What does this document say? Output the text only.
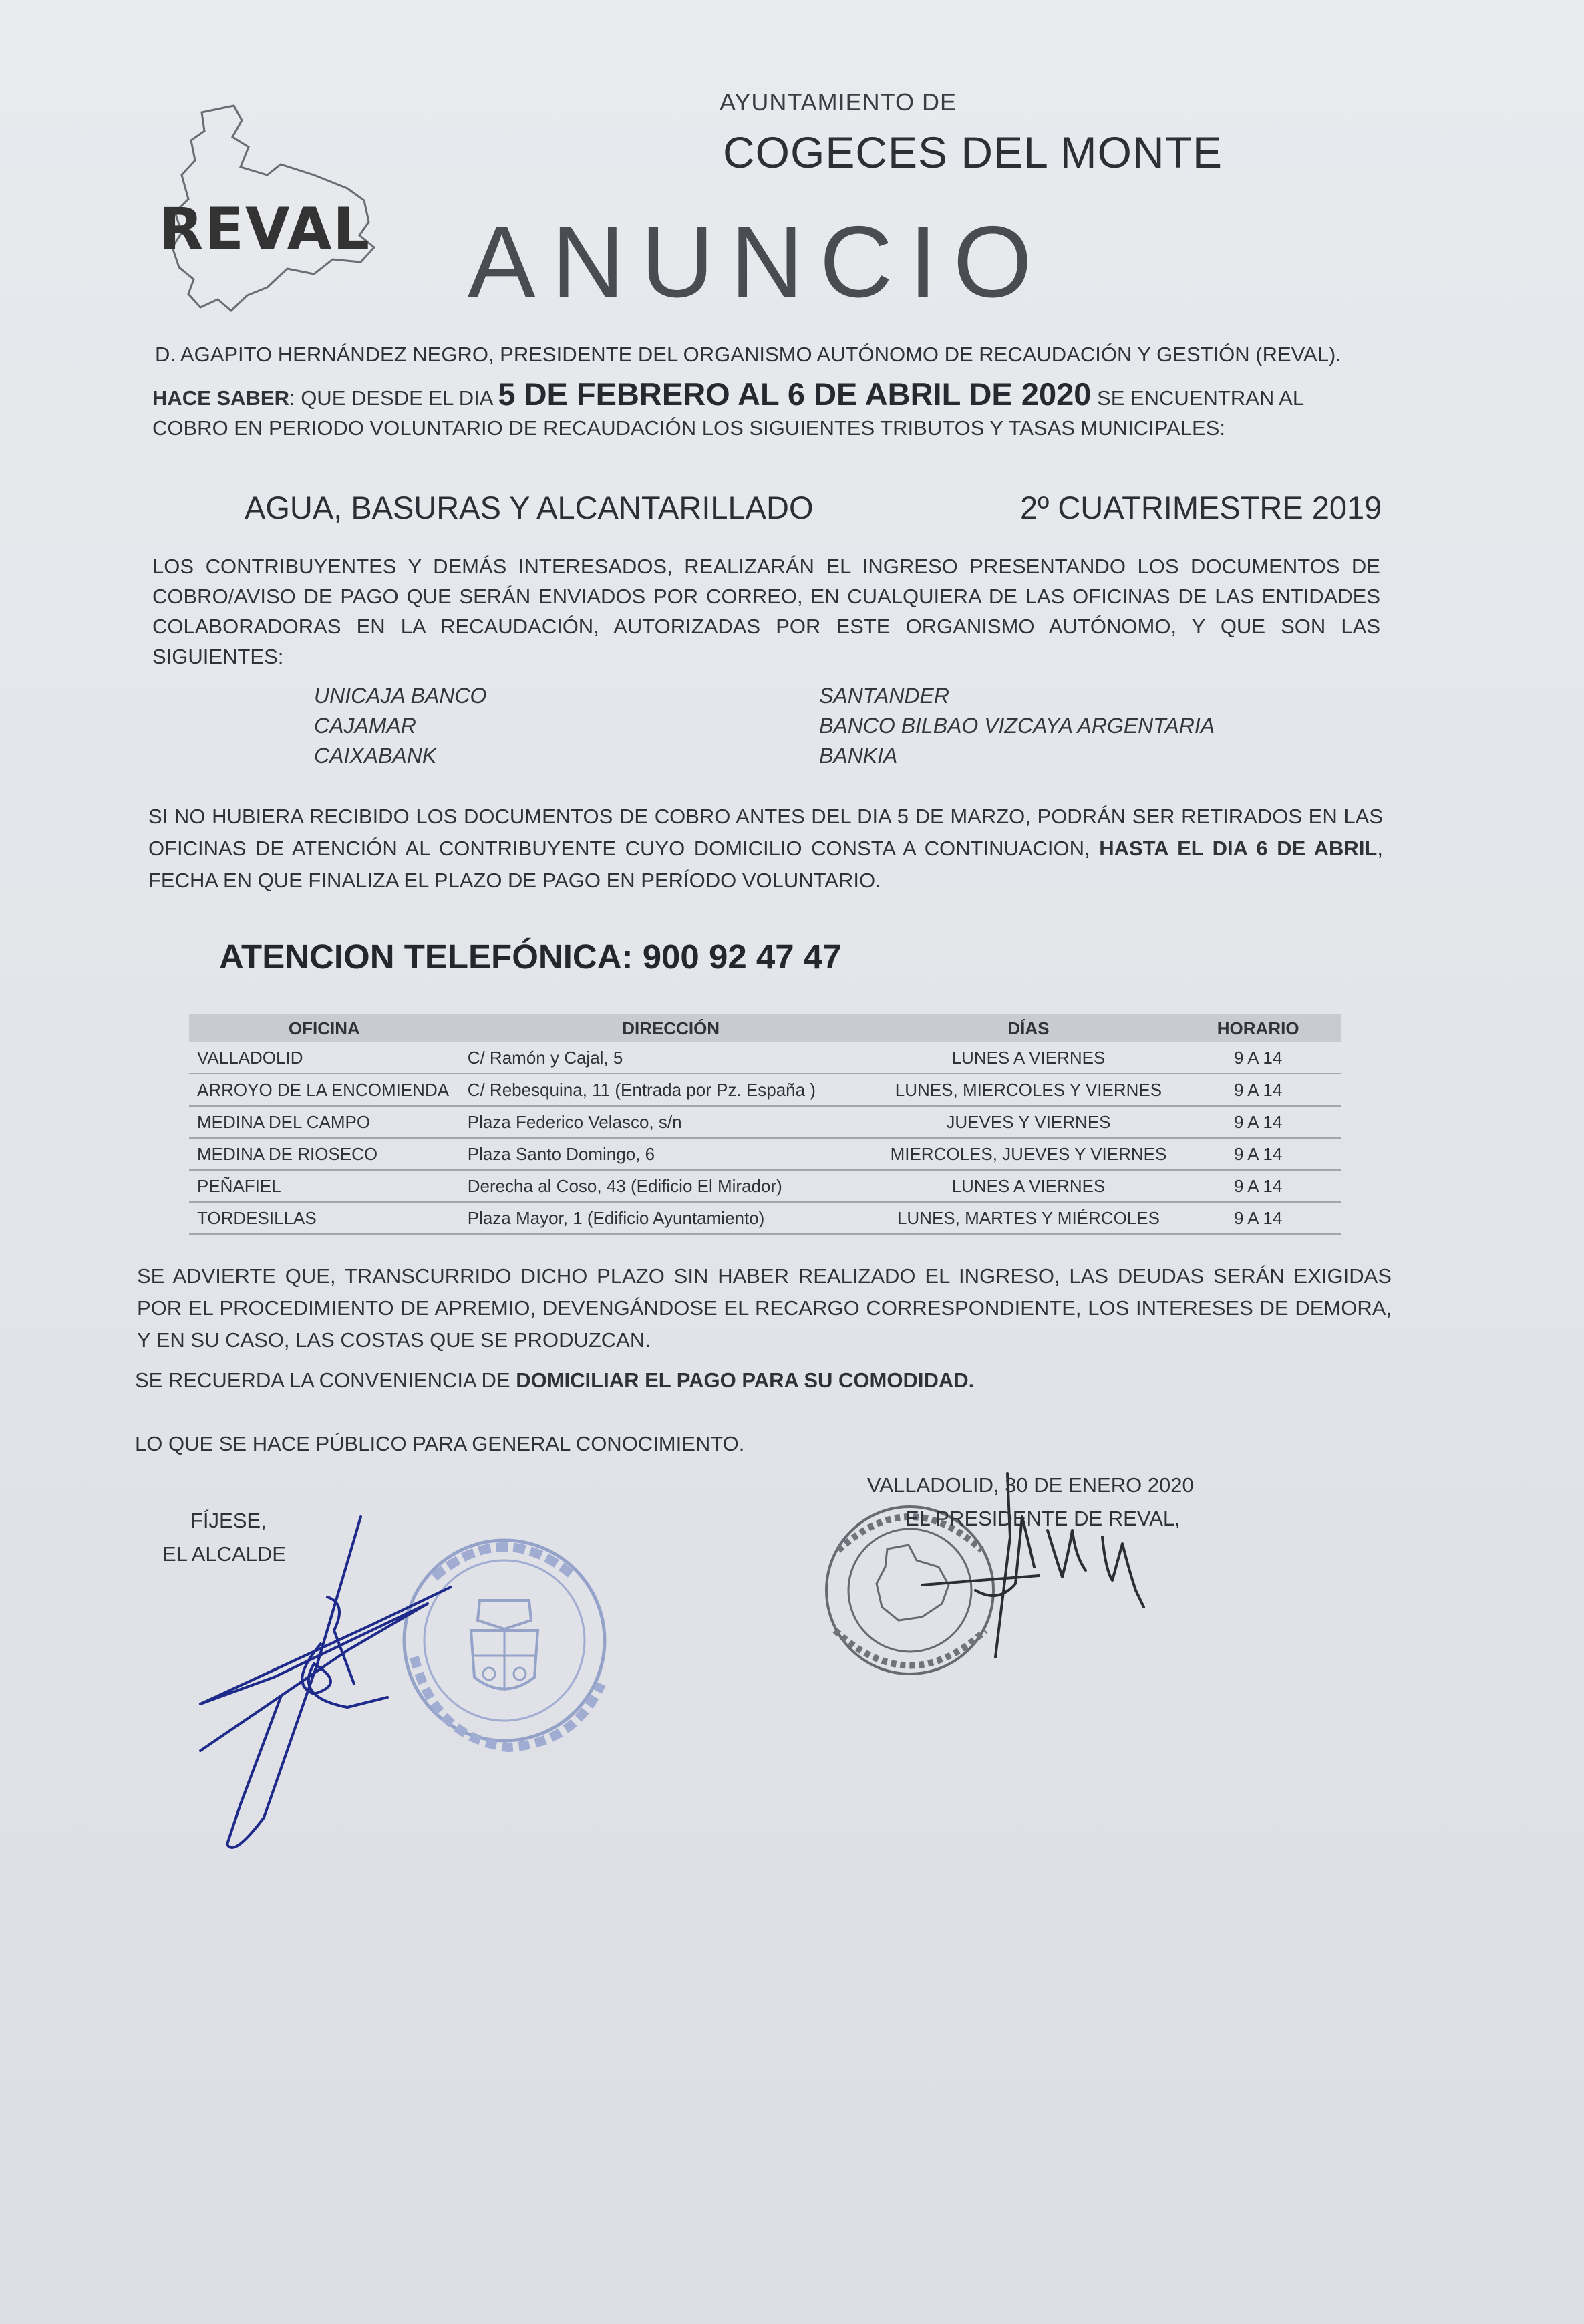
REVAL
AYUNTAMIENTO DE
COGECES DEL MONTE
ANUNCIO
D. AGAPITO HERNÁNDEZ NEGRO, PRESIDENTE DEL ORGANISMO AUTÓNOMO DE RECAUDACIÓN Y GESTIÓN (REVAL).
HACE SABER: QUE DESDE EL DIA 5 DE FEBRERO AL 6 DE ABRIL DE 2020 SE ENCUENTRAN AL
COBRO EN PERIODO VOLUNTARIO DE RECAUDACIÓN LOS SIGUIENTES TRIBUTOS Y TASAS MUNICIPALES:
AGUA, BASURAS Y ALCANTARILLADO	2º CUATRIMESTRE 2019
LOS CONTRIBUYENTES Y DEMÁS INTERESADOS, REALIZARÁN EL INGRESO PRESENTANDO LOS DOCUMENTOS DE COBRO/AVISO DE PAGO QUE SERÁN ENVIADOS POR CORREO, EN CUALQUIERA DE LAS OFICINAS DE LAS ENTIDADES COLABORADORAS EN LA RECAUDACIÓN, AUTORIZADAS POR ESTE ORGANISMO AUTÓNOMO, Y QUE SON LAS SIGUIENTES:
UNICAJA BANCO
CAJAMAR
CAIXABANK
SANTANDER
BANCO BILBAO VIZCAYA ARGENTARIA
BANKIA
SI NO HUBIERA RECIBIDO LOS DOCUMENTOS DE COBRO ANTES DEL DIA 5 DE MARZO, PODRÁN SER RETIRADOS EN LAS OFICINAS DE ATENCIÓN AL CONTRIBUYENTE CUYO DOMICILIO CONSTA A CONTINUACION, HASTA EL DIA 6 DE ABRIL, FECHA EN QUE FINALIZA EL PLAZO DE PAGO EN PERÍODO VOLUNTARIO.
ATENCION TELEFÓNICA: 900 92 47 47
OFICINA	DIRECCIÓN	DÍAS	HORARIO
VALLADOLID	C/ Ramón y Cajal, 5	LUNES A VIERNES	9 A 14
ARROYO DE LA ENCOMIENDA	C/ Rebesquina, 11 (Entrada por Pz. España )	LUNES, MIERCOLES Y VIERNES	9 A 14
MEDINA DEL CAMPO	Plaza Federico Velasco, s/n	JUEVES Y VIERNES	9 A 14
MEDINA DE RIOSECO	Plaza Santo Domingo, 6	MIERCOLES, JUEVES Y VIERNES	9 A 14
PEÑAFIEL	Derecha al Coso, 43 (Edificio El Mirador)	LUNES A VIERNES	9 A 14
TORDESILLAS	Plaza Mayor, 1 (Edificio Ayuntamiento)	LUNES, MARTES Y MIÉRCOLES	9 A 14
SE ADVIERTE QUE, TRANSCURRIDO DICHO PLAZO SIN HABER REALIZADO EL INGRESO, LAS DEUDAS SERÁN EXIGIDAS POR EL PROCEDIMIENTO DE APREMIO, DEVENGÁNDOSE EL RECARGO CORRESPONDIENTE, LOS INTERESES DE DEMORA, Y EN SU CASO, LAS COSTAS QUE SE PRODUZCAN.
SE RECUERDA LA CONVENIENCIA DE DOMICILIAR EL PAGO PARA SU COMODIDAD.
LO QUE SE HACE PÚBLICO PARA GENERAL CONOCIMIENTO.
VALLADOLID, 30 DE ENERO 2020
EL PRESIDENTE DE REVAL,
FÍJESE,
EL ALCALDE
